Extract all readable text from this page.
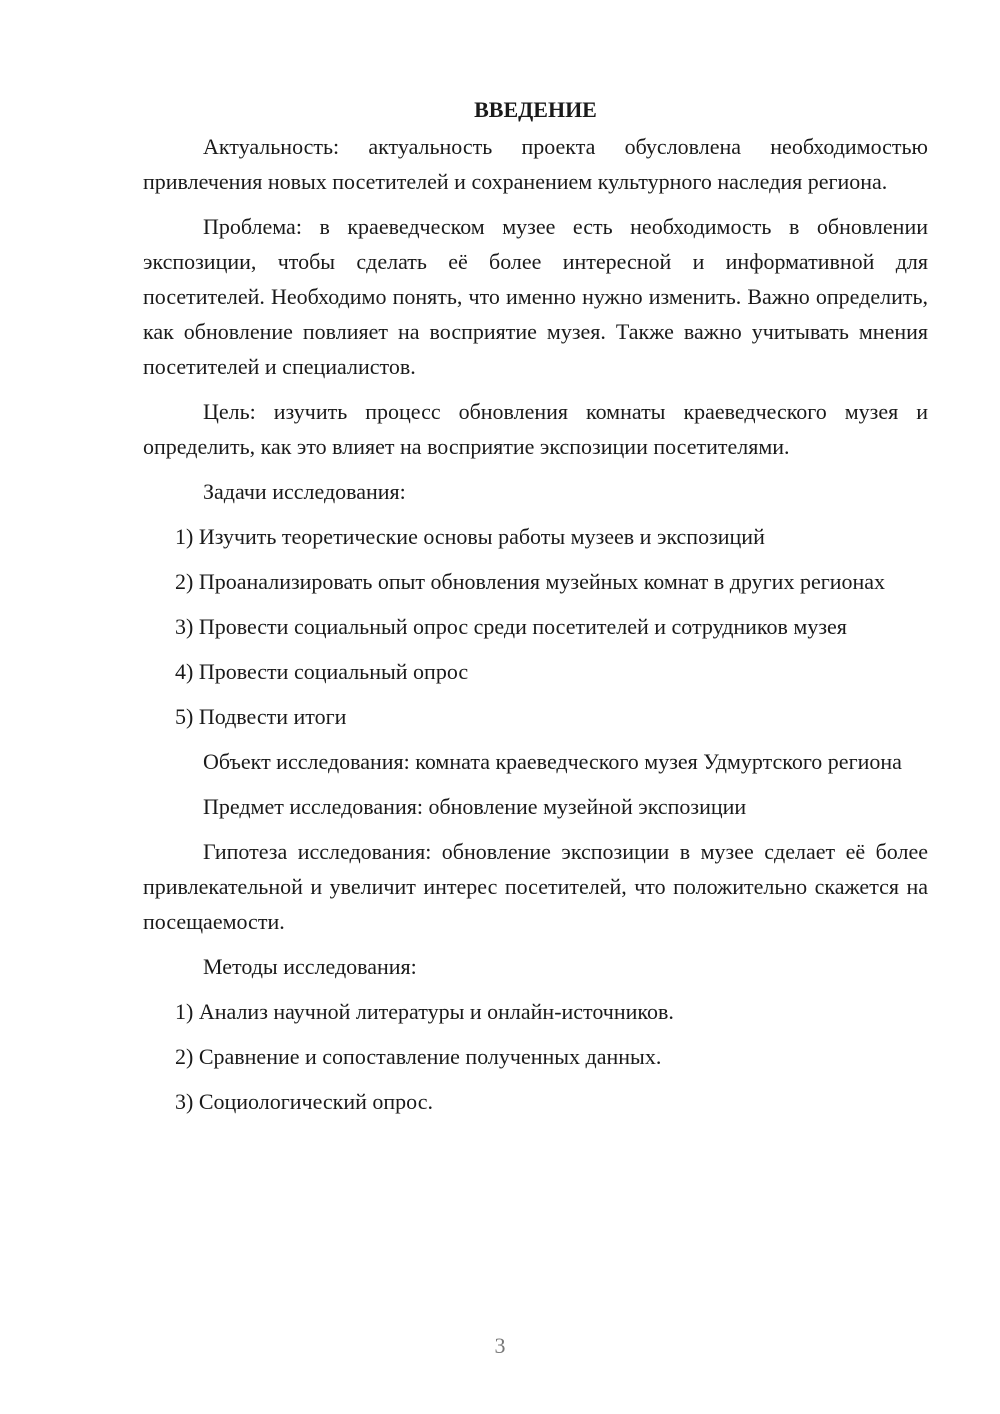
ВВЕДЕНИЕ

Актуальность: актуальность проекта обусловлена необходимостью привлечения новых посетителей и сохранением культурного наследия региона.

Проблема: в краеведческом музее есть необходимость в обновлении экспозиции, чтобы сделать её более интересной и информативной для посетителей. Необходимо понять, что именно нужно изменить. Важно определить, как обновление повлияет на восприятие музея. Также важно учитывать мнения посетителей и специалистов.

Цель: изучить процесс обновления комнаты краеведческого музея и определить, как это влияет на восприятие экспозиции посетителями.

Задачи исследования:

1) Изучить теоретические основы работы музеев и экспозиций

2) Проанализировать опыт обновления музейных комнат в других регионах

3) Провести социальный опрос среди посетителей и сотрудников музея

4) Провести социальный опрос

5) Подвести итоги

Объект исследования: комната краеведческого музея Удмуртского региона

Предмет исследования: обновление музейной экспозиции

Гипотеза исследования: обновление экспозиции в музее сделает её более привлекательной и увеличит интерес посетителей, что положительно скажется на посещаемости.

Методы исследования:

1) Анализ научной литературы и онлайн-источников.

2) Сравнение и сопоставление полученных данных.

3) Социологический опрос.

3
